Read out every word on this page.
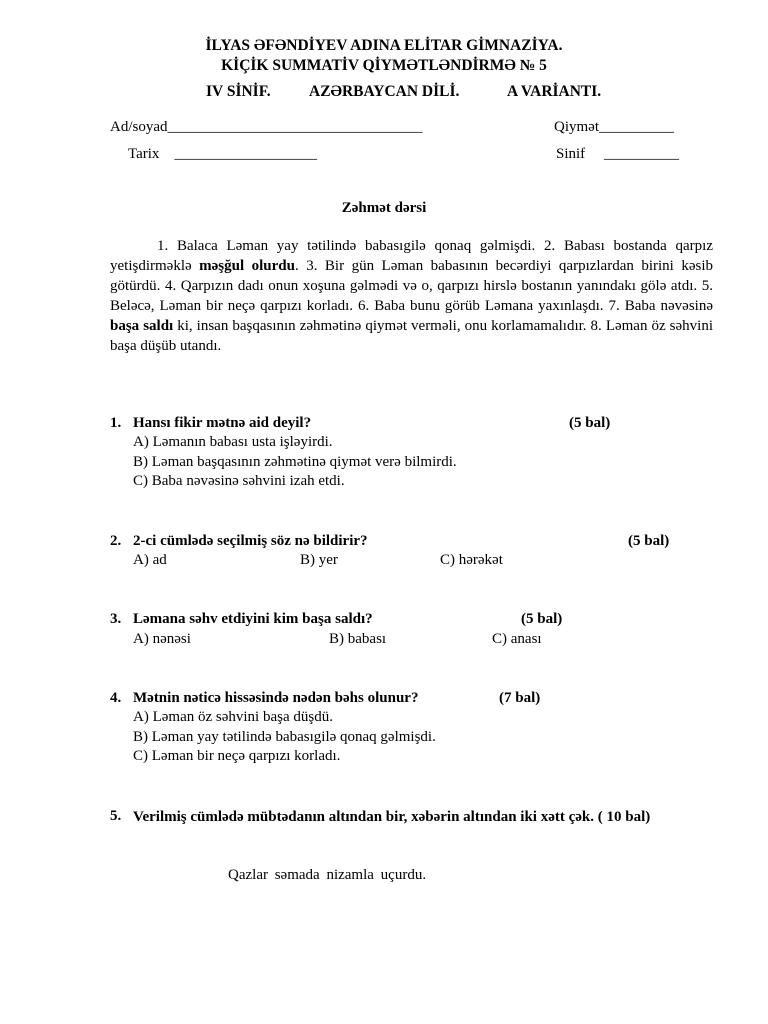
İLYAS ƏFƏNDİYEV ADINA ELİTAR GİMNAZİYA.
KİÇİK SUMMATİV QİYMƏTLƏNDİRMƏ № 5
IV SİNİF. AZƏRBAYCAN DİLİ.	A VARİANTI.
Ad/soyad__________________________________	Qiymət__________
Tarix ___________________	Sinif __________
Zəhmət dərsi
1. Balaca Ləman yay tətilində babasıgilə qonaq gəlmişdi. 2. Babası bostanda qarpız yetişdirməklə məşğul olurdu. 3. Bir gün Ləman babasının becərdiyi qarpızlardan birini kəsib götürdü. 4. Qarpızın dadı onun xoşuna gəlmədi və o, qarpızı hirslə bostanın yanındakı gölə atdı. 5. Beləcə, Ləman bir neçə qarpızı korladı. 6. Baba bunu görüb Ləmana yaxınlaşdı. 7. Baba nəvəsinə başa saldı ki, insan başqasının zəhmətinə qiymət verməli, onu korlamamalıdır. 8. Ləman öz səhvini başa düşüb utandı.
1. Hansı fikir mətnə aid deyil?	(5 bal)
A) Ləmanın babası usta işləyirdi.
B) Ləman başqasının zəhmətinə qiymət verə bilmirdi.
C) Baba nəvəsinə səhvini izah etdi.
2. 2-ci cümlədə seçilmiş söz nə bildirir?	(5 bal)
A) ad	B) yer	C) hərəkət
3. Ləmana səhv etdiyini kim başa saldı?	(5 bal)
A) nənəsi	B) babası	C) anası
4. Mətnin nəticə hissəsində nədən bəhs olunur?	(7 bal)
A) Ləman öz səhvini başa düşdü.
B) Ləman yay tətilində babasıgilə qonaq gəlmişdi.
C) Ləman bir neçə qarpızı korladı.
5. Verilmiş cümlədə mübtədanın altından bir, xəbərin altından iki xətt çək. ( 10 bal)
Qazlar səmada nizamla uçurdu.
